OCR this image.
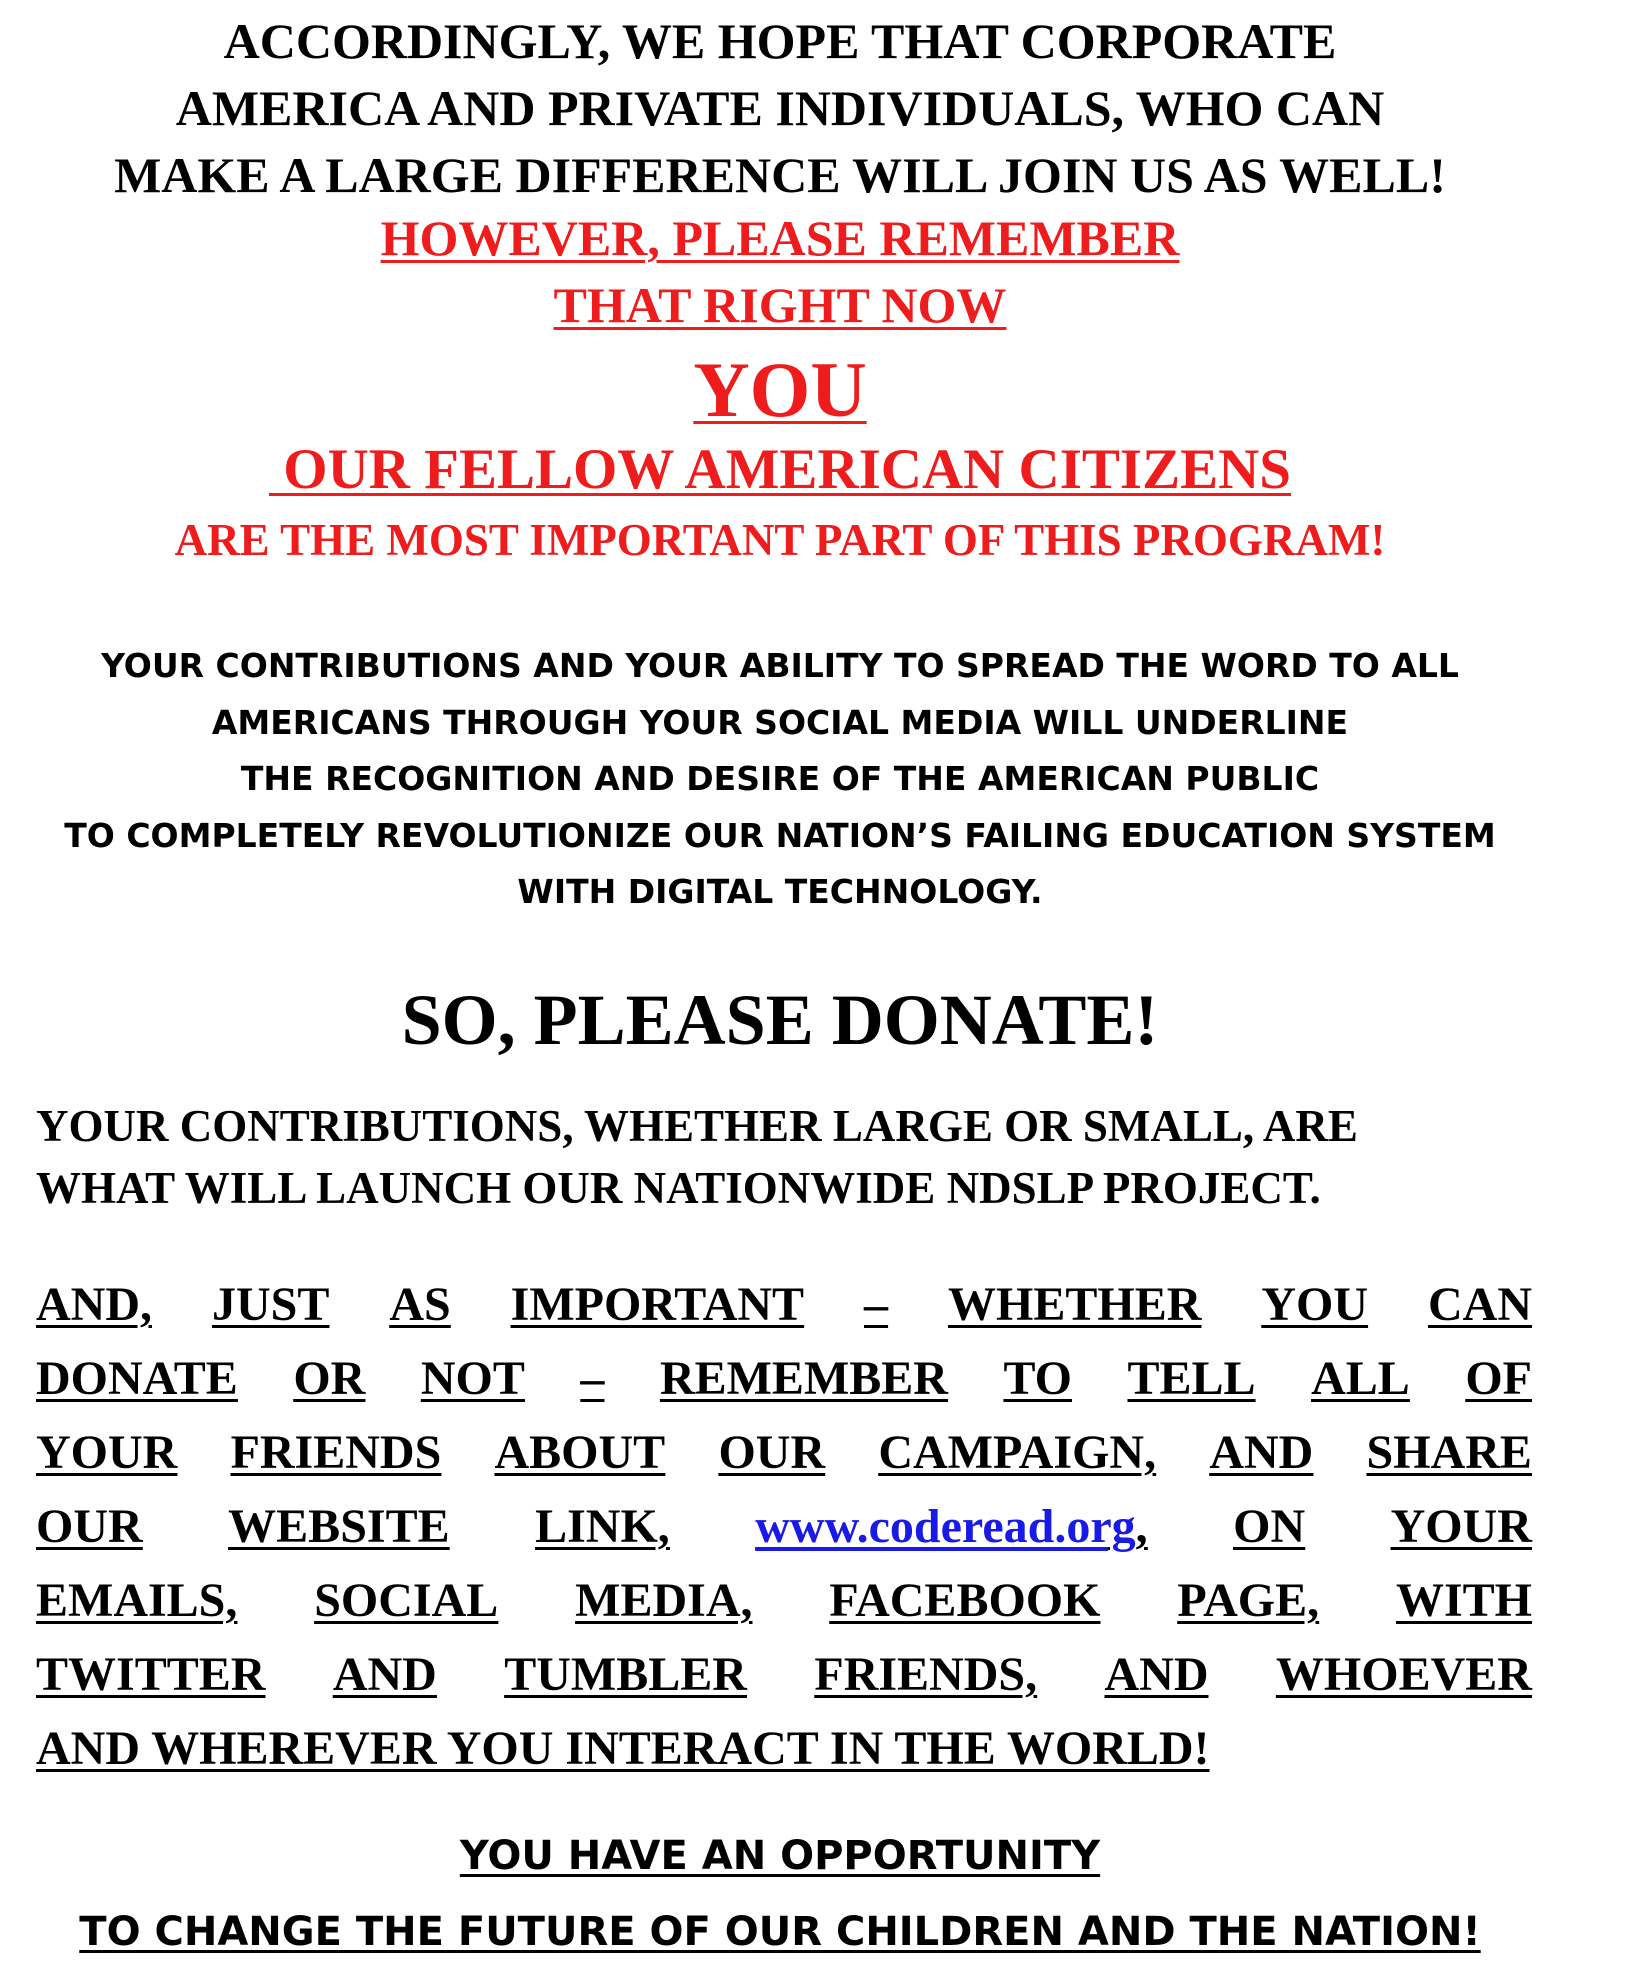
ACCORDINGLY, WE HOPE THAT CORPORATE
AMERICA AND PRIVATE INDIVIDUALS, WHO CAN
MAKE A LARGE DIFFERENCE WILL JOIN US AS WELL!
HOWEVER, PLEASE REMEMBER
THAT RIGHT NOW
YOU
OUR FELLOW AMERICAN CITIZENS
ARE THE MOST IMPORTANT PART OF THIS PROGRAM!
YOUR CONTRIBUTIONS AND YOUR ABILITY TO SPREAD THE WORD TO ALL
AMERICANS THROUGH YOUR SOCIAL MEDIA WILL UNDERLINE
THE RECOGNITION AND DESIRE OF THE AMERICAN PUBLIC
TO COMPLETELY REVOLUTIONIZE OUR NATION’S FAILING EDUCATION SYSTEM
WITH DIGITAL TECHNOLOGY.
SO, PLEASE DONATE!
YOUR CONTRIBUTIONS, WHETHER LARGE OR SMALL, ARE
WHAT WILL LAUNCH OUR NATIONWIDE NDSLP PROJECT.
AND, JUST AS IMPORTANT – WHETHER YOU CAN
DONATE OR NOT – REMEMBER TO TELL ALL OF
YOUR FRIENDS ABOUT OUR CAMPAIGN, AND SHARE
OUR WEBSITE LINK, www.coderead.org, ON YOUR
EMAILS, SOCIAL MEDIA, FACEBOOK PAGE, WITH
TWITTER AND TUMBLER FRIENDS, AND WHOEVER
AND WHEREVER YOU INTERACT IN THE WORLD!
YOU HAVE AN OPPORTUNITY
TO CHANGE THE FUTURE OF OUR CHILDREN AND THE NATION!
